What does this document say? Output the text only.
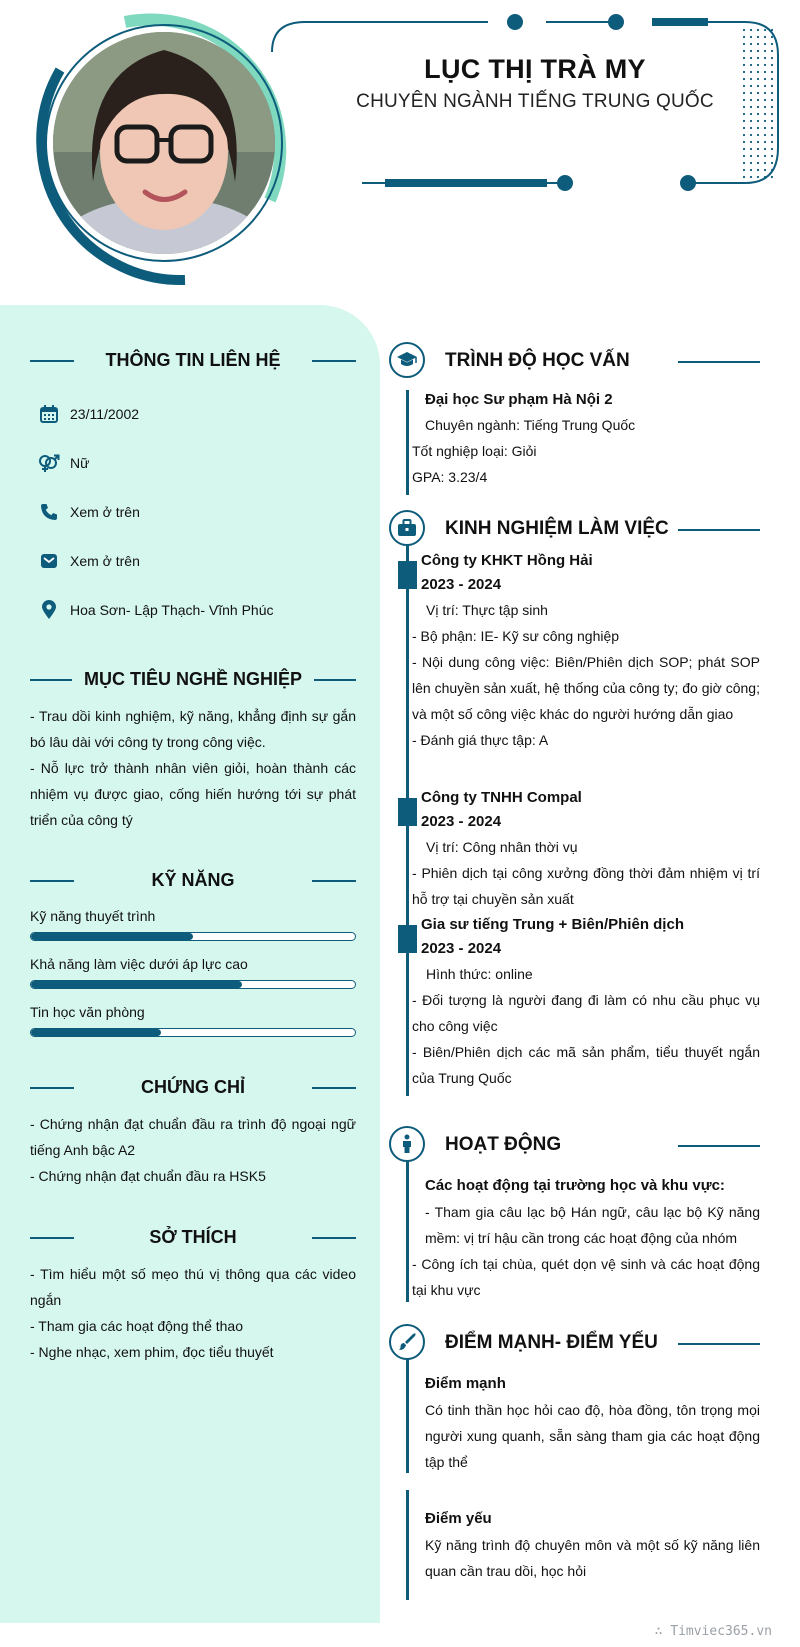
LỤC THỊ TRÀ MY
CHUYÊN NGÀNH TIẾNG TRUNG QUỐC
THÔNG TIN LIÊN HỆ
23/11/2002
Nữ
Xem ở trên
Xem ở trên
Hoa Sơn- Lập Thạch- Vĩnh Phúc
MỤC TIÊU NGHỀ NGHIỆP
- Trau dồi kinh nghiệm, kỹ năng, khẳng định sự gắn bó lâu dài với công ty trong công việc.
- Nỗ lực trở thành nhân viên giỏi, hoàn thành các nhiệm vụ được giao, cống hiến hướng tới sự phát triển của công tý
KỸ NĂNG
Kỹ năng thuyết trình
Khả năng làm việc dưới áp lực cao
Tin học văn phòng
CHỨNG CHỈ
- Chứng nhận đạt chuẩn đầu ra trình độ ngoại ngữ tiếng Anh bậc A2
- Chứng nhận đạt chuẩn đầu ra HSK5
SỞ THÍCH
- Tìm hiểu một số mẹo thú vị thông qua các video ngắn
- Tham gia các hoạt động thể thao
- Nghe nhạc, xem phim, đọc tiểu thuyết
TRÌNH ĐỘ HỌC VẤN
Đại học Sư phạm Hà Nội 2
Chuyên ngành: Tiếng Trung Quốc
Tốt nghiệp loại: Giỏi
GPA: 3.23/4
KINH NGHIỆM LÀM VIỆC
Công ty KHKT Hồng Hải
2023 - 2024
Vị trí: Thực tập sinh
- Bộ phận: IE- Kỹ sư công nghiệp
- Nội dung công việc: Biên/Phiên dịch SOP; phát SOP lên chuyền sản xuất, hệ thống của công ty; đo giờ công; và một số công việc khác do người hướng dẫn giao
- Đánh giá thực tập: A
Công ty TNHH Compal
2023 - 2024
Vị trí: Công nhân thời vụ
- Phiên dịch tại công xưởng đồng thời đảm nhiệm vị trí hỗ trợ tại chuyền sản xuất
Gia sư tiếng Trung + Biên/Phiên dịch
2023 - 2024
Hình thức: online
- Đối tượng là người đang đi làm có nhu cầu phục vụ cho công việc
- Biên/Phiên dịch các mã sản phẩm, tiểu thuyết ngắn của Trung Quốc
HOẠT ĐỘNG
Các hoạt động tại trường học và khu vực:
- Tham gia câu lạc bộ Hán ngữ, câu lạc bộ Kỹ năng mềm: vị trí hậu cần trong các hoạt động của nhóm
- Công ích tại chùa, quét dọn vệ sinh và các hoạt động tại khu vực
ĐIỂM MẠNH- ĐIỂM YẾU
Điểm mạnh
Có tinh thần học hỏi cao độ, hòa đồng, tôn trọng mọi người xung quanh, sẵn sàng tham gia các hoạt động tập thể
Điểm yếu
Kỹ năng trình độ chuyên môn và một số kỹ năng liên quan cần trau dồi, học hỏi
∴ Timviec365.vn
